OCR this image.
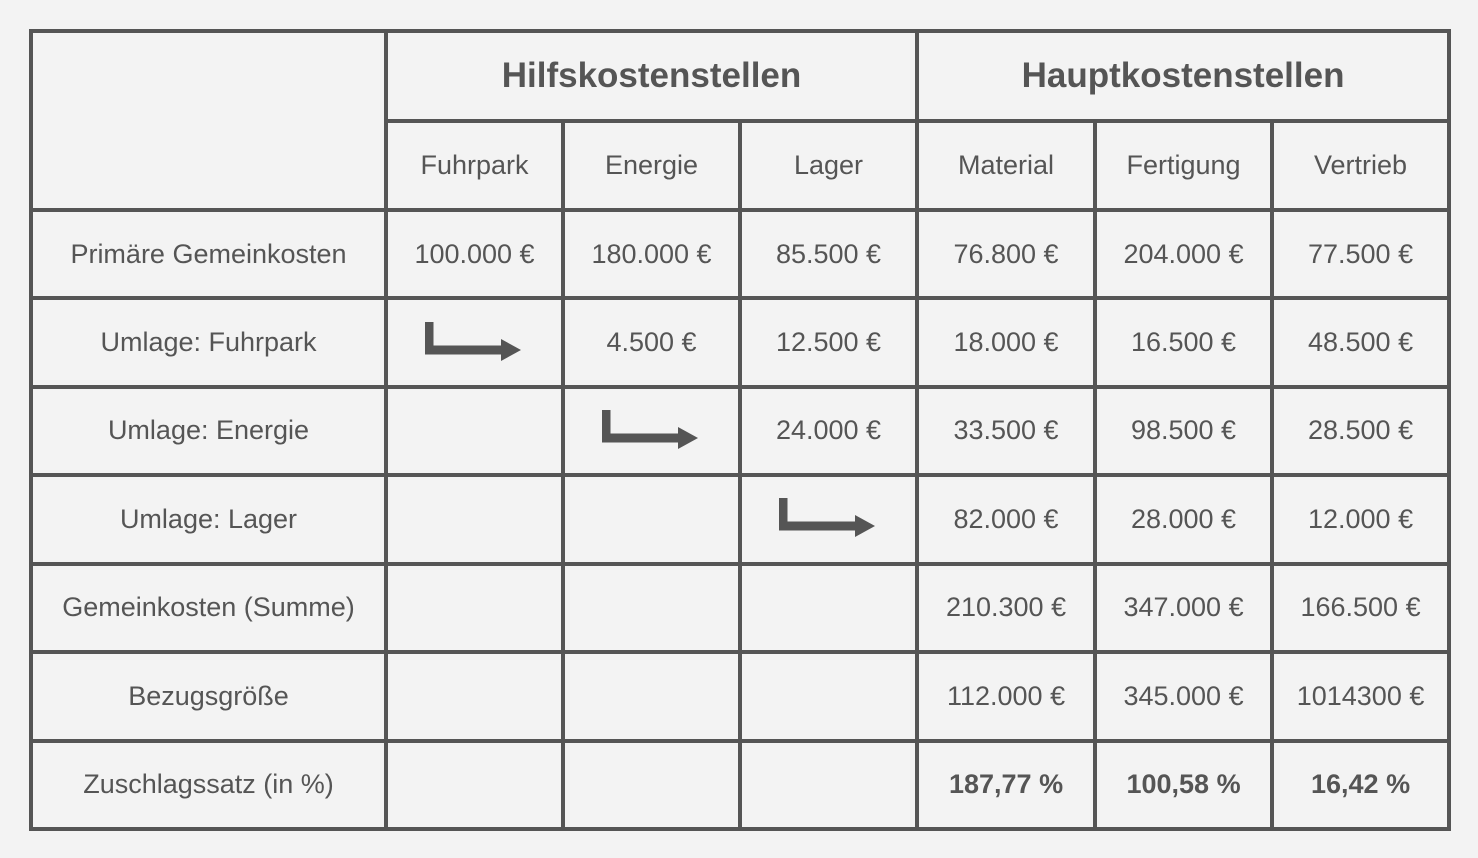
	Hilfskostenstellen			Hauptkostenstellen		
	Fuhrpark	Energie	Lager	Material	Fertigung	Vertrieb
Primäre Gemeinkosten	100.000 €	180.000 €	85.500 €	76.800 €	204.000 €	77.500 €
Umlage: Fuhrpark		4.500 €	12.500 €	18.000 €	16.500 €	48.500 €
Umlage: Energie			24.000 €	33.500 €	98.500 €	28.500 €
Umlage: Lager				82.000 €	28.000 €	12.000 €
Gemeinkosten (Summe)				210.300 €	347.000 €	166.500 €
Bezugsgröße				112.000 €	345.000 €	1014300 €
Zuschlagssatz (in %)				187,77 %	100,58 %	16,42 %
